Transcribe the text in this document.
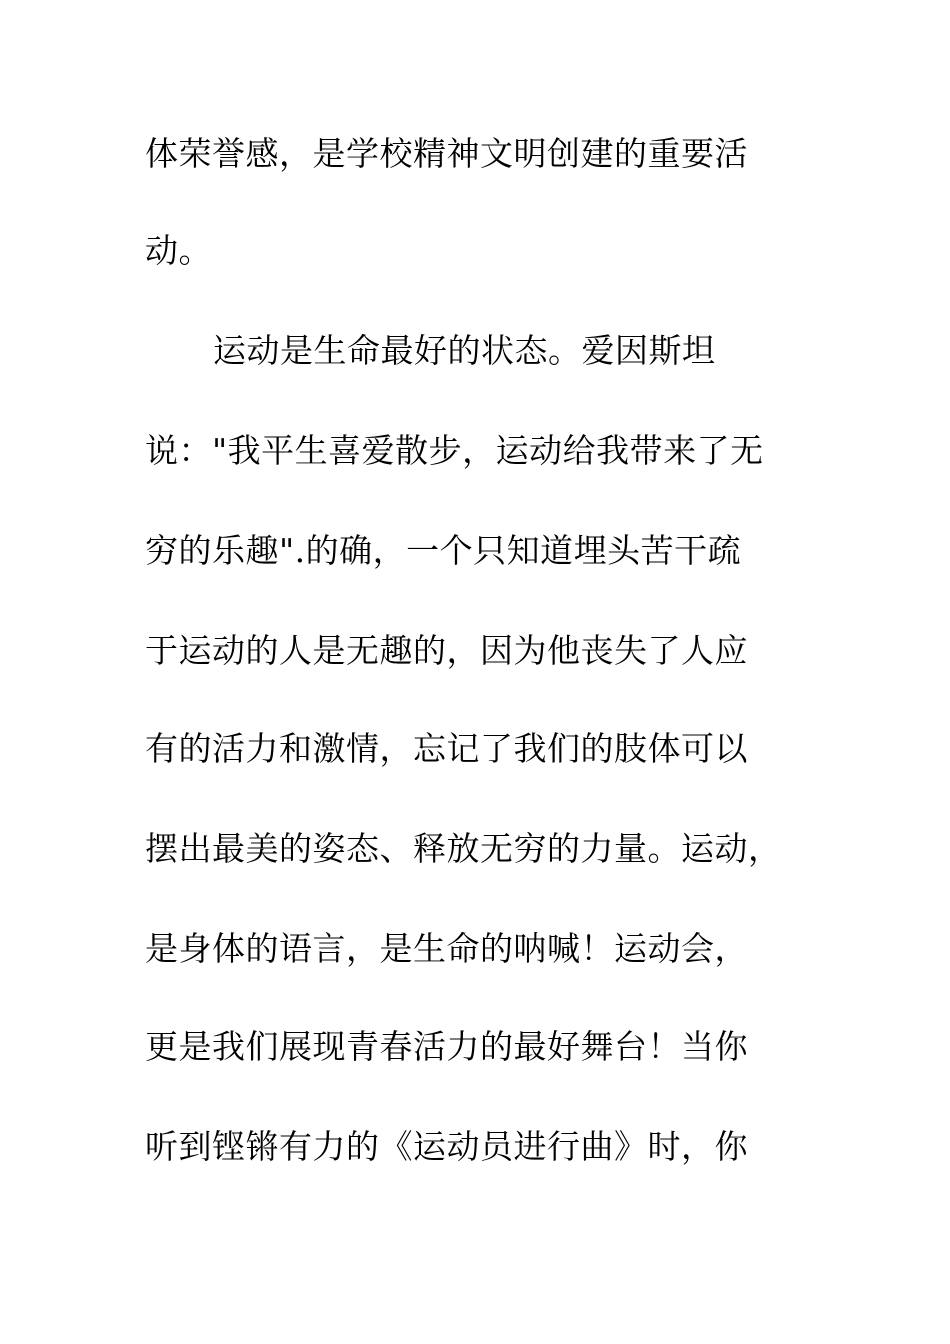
体荣誉感，是学校精神文明创建的重要活
动。
运动是生命最好的状态。爱因斯坦
说："我平生喜爱散步，运动给我带来了无
穷的乐趣".的确，一个只知道埋头苦干疏
于运动的人是无趣的，因为他丧失了人应
有的活力和激情，忘记了我们的肢体可以
摆出最美的姿态、释放无穷的力量。运动，
是身体的语言，是生命的呐喊！运动会，
更是我们展现青春活力的最好舞台！当你
听到铿锵有力的《运动员进行曲》时，你
